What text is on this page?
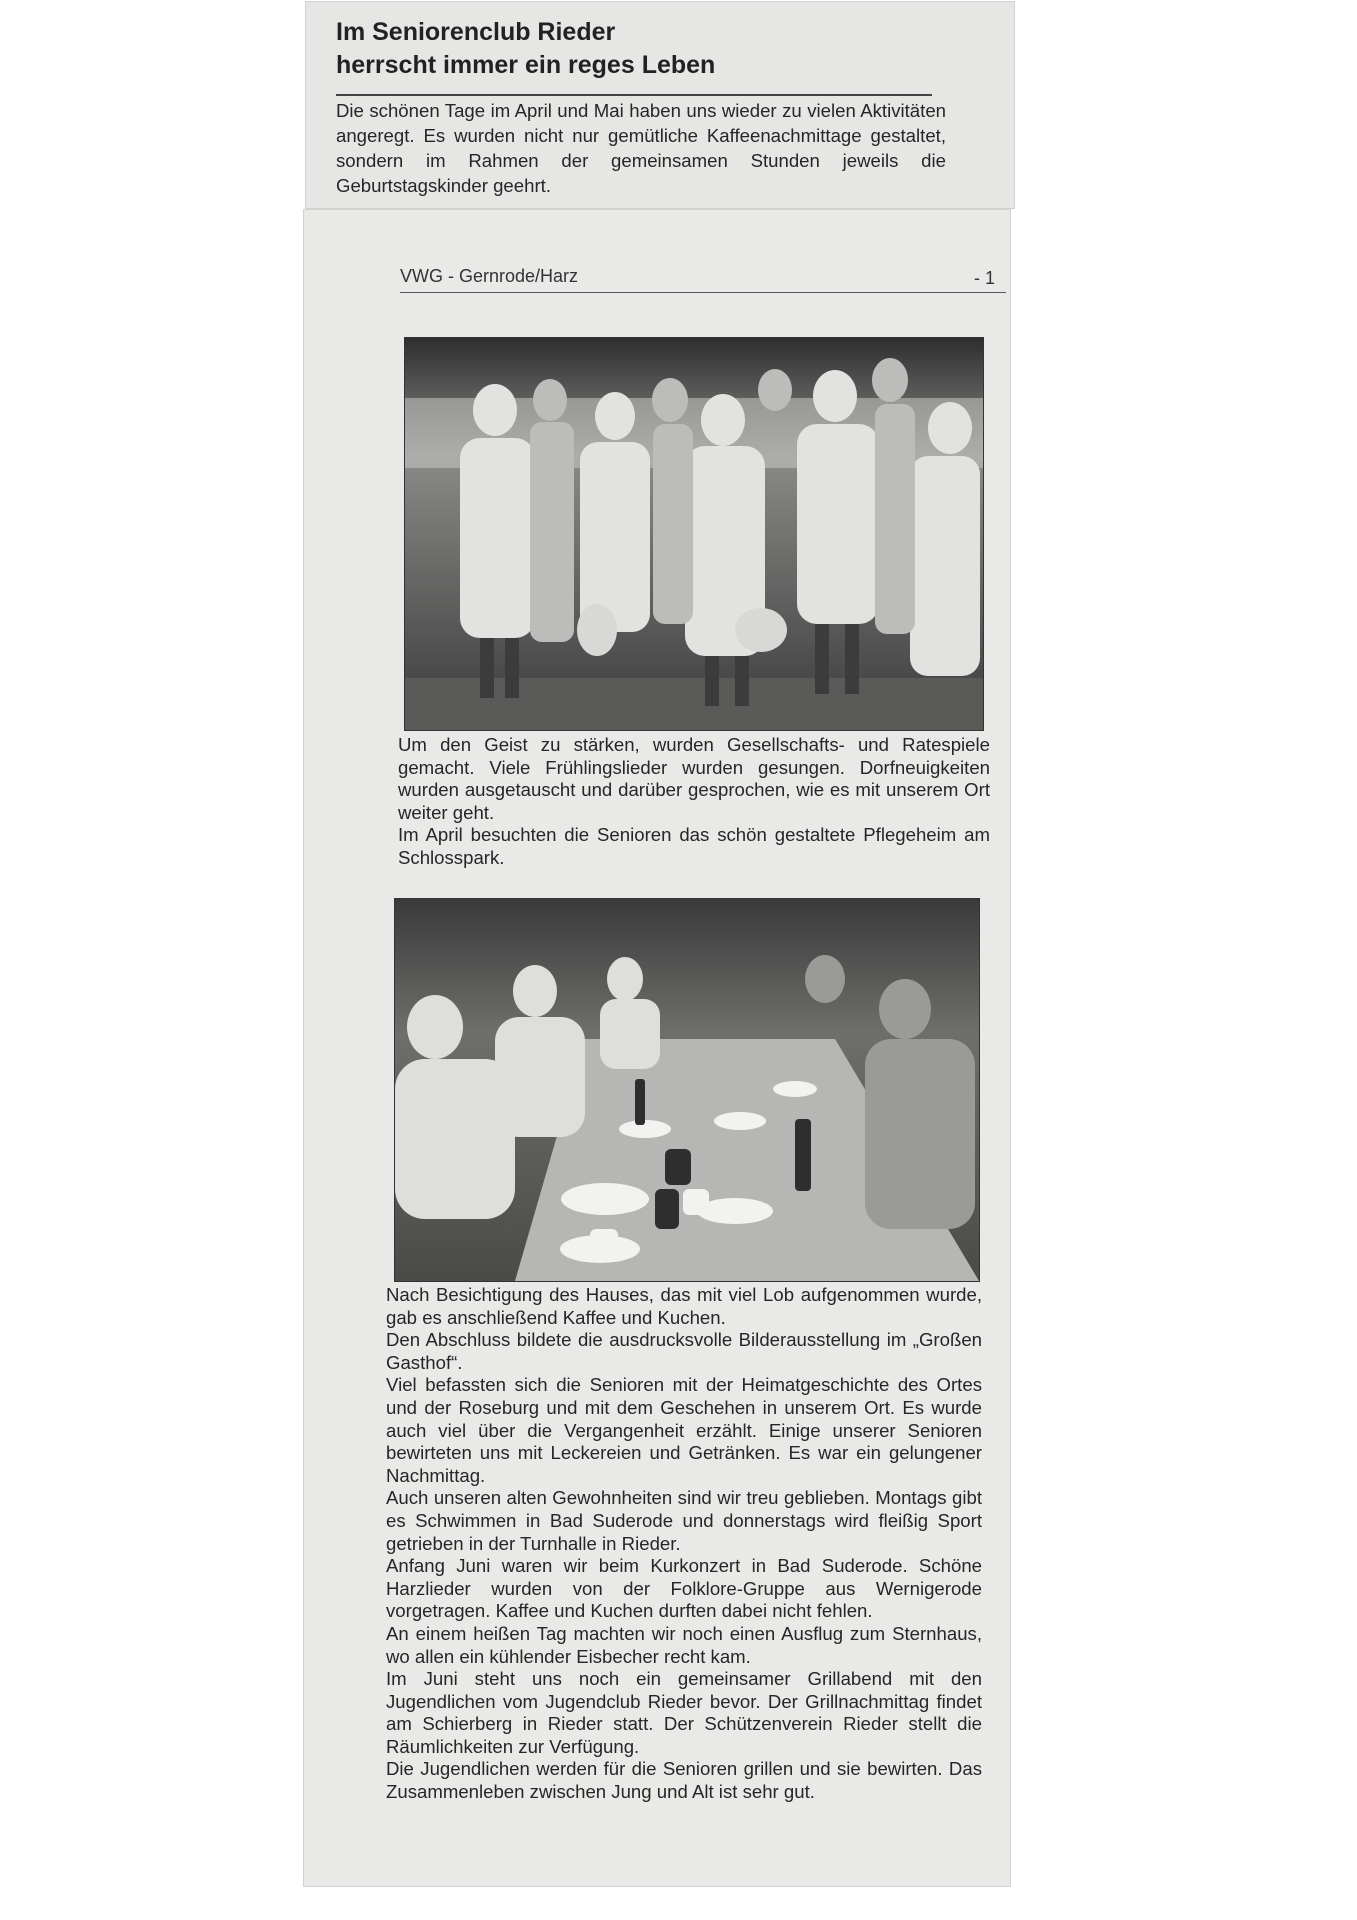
Im Seniorenclub Rieder
herrscht immer ein reges Leben
Die schönen Tage im April und Mai haben uns wieder zu vielen Aktivitäten angeregt. Es wurden nicht nur gemütliche Kaffeenachmittage gestaltet, sondern im Rahmen der gemeinsamen Stunden jeweils die Geburtstagskinder geehrt.
VWG - Gernrode/Harz	- 1

Um den Geist zu stärken, wurden Gesellschafts- und Ratespiele gemacht. Viele Frühlingslieder wurden gesungen. Dorfneuigkeiten wurden ausgetauscht und darüber gesprochen, wie es mit unserem Ort weiter geht.

Im April besuchten die Senioren das schön gestaltete Pflegeheim am Schlosspark.

Nach Besichtigung des Hauses, das mit viel Lob aufgenommen wurde, gab es anschließend Kaffee und Kuchen.

Den Abschluss bildete die ausdrucksvolle Bilderausstellung im „Großen Gasthof“.

Viel befassten sich die Senioren mit der Heimatgeschichte des Ortes und der Roseburg und mit dem Geschehen in unserem Ort. Es wurde auch viel über die Vergangenheit erzählt. Einige unserer Senioren bewirteten uns mit Leckereien und Getränken. Es war ein gelungener Nachmittag.

Auch unseren alten Gewohnheiten sind wir treu geblieben. Montags gibt es Schwimmen in Bad Suderode und donnerstags wird fleißig Sport getrieben in der Turnhalle in Rieder.

Anfang Juni waren wir beim Kurkonzert in Bad Suderode. Schöne Harzlieder wurden von der Folklore-Gruppe aus Wernigerode vorgetragen. Kaffee und Kuchen durften dabei nicht fehlen.

An einem heißen Tag machten wir noch einen Ausflug zum Sternhaus, wo allen ein kühlender Eisbecher recht kam.

Im Juni steht uns noch ein gemeinsamer Grillabend mit den Jugendlichen vom Jugendclub Rieder bevor. Der Grillnachmittag findet am Schierberg in Rieder statt. Der Schützenverein Rieder stellt die Räumlichkeiten zur Verfügung.

Die Jugendlichen werden für die Senioren grillen und sie bewirten. Das Zusammenleben zwischen Jung und Alt ist sehr gut.
